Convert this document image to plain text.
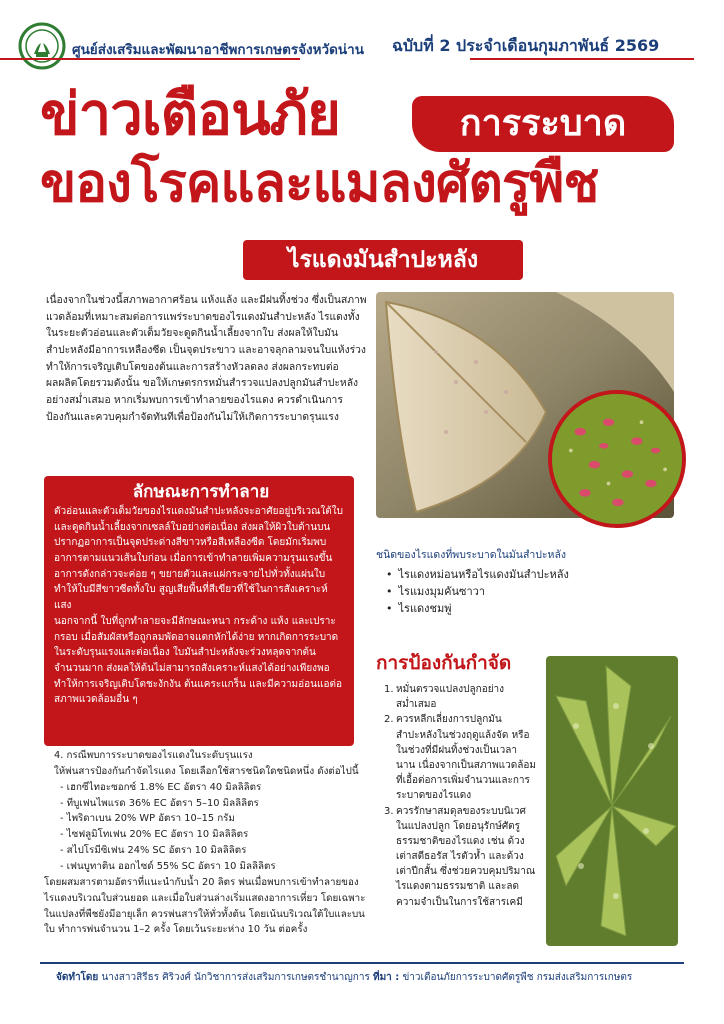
ศูนย์ส่งเสริมและพัฒนาอาชีพการเกษตรจังหวัดน่าน ฉบับที่ 2 ประจำเดือนกุมภาพันธ์ 2569
ข่าวเตือนภัย	การระบาด
ของโรคและแมลงศัตรูพืช
ไรแดงมันสำปะหลัง

เนื่องจากในช่วงนี้สภาพอากาศร้อน แห้งแล้ง และมีฝนทิ้งช่วง ซึ่งเป็นสภาพแวดล้อมที่เหมาะสมต่อการแพร่ระบาดของไรแดงมันสำปะหลัง ไรแดงทั้งในระยะตัวอ่อนและตัวเต็มวัยจะดูดกินน้ำเลี้ยงจากใบ ส่งผลให้ใบมันสำปะหลังมีอาการเหลืองซีด เป็นจุดประขาว และอาจลุกลามจนใบแห้งร่วง ทำให้การเจริญเติบโตของต้นและการสร้างหัวลดลง ส่งผลกระทบต่อผลผลิตโดยรวมดังนั้น ขอให้เกษตรกรหมั่นสำรวจแปลงปลูกมันสำปะหลังอย่างสม่ำเสมอ หากเริ่มพบการเข้าทำลายของไรแดง ควรดำเนินการป้องกันและควบคุมกำจัดทันทีเพื่อป้องกันไม่ให้เกิดการระบาดรุนแรง

ลักษณะการทำลาย

ตัวอ่อนและตัวเต็มวัยของไรแดงมันสำปะหลังจะอาศัยอยู่บริเวณใต้ใบและดูดกินน้ำเลี้ยงจากเซลล์ใบอย่างต่อเนื่อง ส่งผลให้ผิวใบด้านบนปรากฏอาการเป็นจุดประด่างสีขาวหรือสีเหลืองซีด โดยมักเริ่มพบอาการตามแนวเส้นใบก่อน เมื่อการเข้าทำลายเพิ่มความรุนแรงขึ้น อาการดังกล่าวจะค่อย ๆ ขยายตัวและแผ่กระจายไปทั่วทั้งแผ่นใบ ทำให้ใบมีสีขาวซีดทั้งใบ สูญเสียพื้นที่สีเขียวที่ใช้ในการสังเคราะห์แสง

นอกจากนี้ ใบที่ถูกทำลายจะมีลักษณะหนา กระด้าง แห้ง และเปราะกรอบ เมื่อสัมผัสหรือถูกลมพัดอาจแตกหักได้ง่าย หากเกิดการระบาดในระดับรุนแรงและต่อเนื่อง ใบมันสำปะหลังจะร่วงหลุดจากต้นจำนวนมาก ส่งผลให้ต้นไม่สามารถสังเคราะห์แสงได้อย่างเพียงพอ ทำให้การเจริญเติบโตชะงักงัน ต้นแคระแกร็น และมีความอ่อนแอต่อสภาพแวดล้อมอื่น ๆ

ชนิดของไรแดงที่พบระบาดในมันสำปะหลัง
• ไรแดงหม่อนหรือไรแดงมันสำปะหลัง
• ไรแมงมุมคันซาวา
• ไรแดงชมพู่
การป้องกันกำจัด
1. หมั่นตรวจแปลงปลูกอย่างสม่ำเสมอ
2. ควรหลีกเลี่ยงการปลูกมันสำปะหลังในช่วงฤดูแล้งจัด หรือในช่วงที่มีฝนทิ้งช่วงเป็นเวลานาน เนื่องจากเป็นสภาพแวดล้อมที่เอื้อต่อการเพิ่มจำนวนและการระบาดของไรแดง
3. ควรรักษาสมดุลของระบบนิเวศในแปลงปลูก โดยอนุรักษ์ศัตรูธรรมชาติของไรแดง เช่น ด้วงเต่าสตีธอรัส ไรตัวห้ำ และด้วงเต่าปีกสั้น ซึ่งช่วยควบคุมปริมาณไรแดงตามธรรมชาติ และลดความจำเป็นในการใช้สารเคมี
4. กรณีพบการระบาดของไรแดงในระดับรุนแรง
ให้พ่นสารป้องกันกำจัดไรแดง โดยเลือกใช้สารชนิดใดชนิดหนึ่ง ดังต่อไปนี้
- เฮกซีไทอะซอกซ์ 1.8% EC อัตรา 40 มิลลิลิตร
- ทีบูเฟนไพแรด 36% EC อัตรา 5–10 มิลลิลิตร
- ไพริดาเบน 20% WP อัตรา 10–15 กรัม
- ไซฟลูมิโทเฟน 20% EC อัตรา 10 มิลลิลิตร
- สไปโรมีซิเฟน 24% SC อัตรา 10 มิลลิลิตร
- เฟนบูทาติน ออกไซด์ 55% SC อัตรา 10 มิลลิลิตร

โดยผสมสารตามอัตราที่แนะนำกับน้ำ 20 ลิตร พ่นเมื่อพบการเข้าทำลายของไรแดงบริเวณใบส่วนยอด และเมื่อใบส่วนล่างเริ่มแสดงอาการเหี่ยว โดยเฉพาะในแปลงที่พืชยังมีอายุเล็ก ควรพ่นสารให้ทั่วทั้งต้น โดยเน้นบริเวณใต้ใบและบนใบ ทำการพ่นจำนวน 1–2 ครั้ง โดยเว้นระยะห่าง 10 วัน ต่อครั้ง

จัดทำโดย นางสาวสิรีธร ศิริวงศ์ นักวิชาการส่งเสริมการเกษตรชำนาญการ ที่มา : ข่าวเตือนภัยการระบาดศัตรูพืช กรมส่งเสริมการเกษตร
